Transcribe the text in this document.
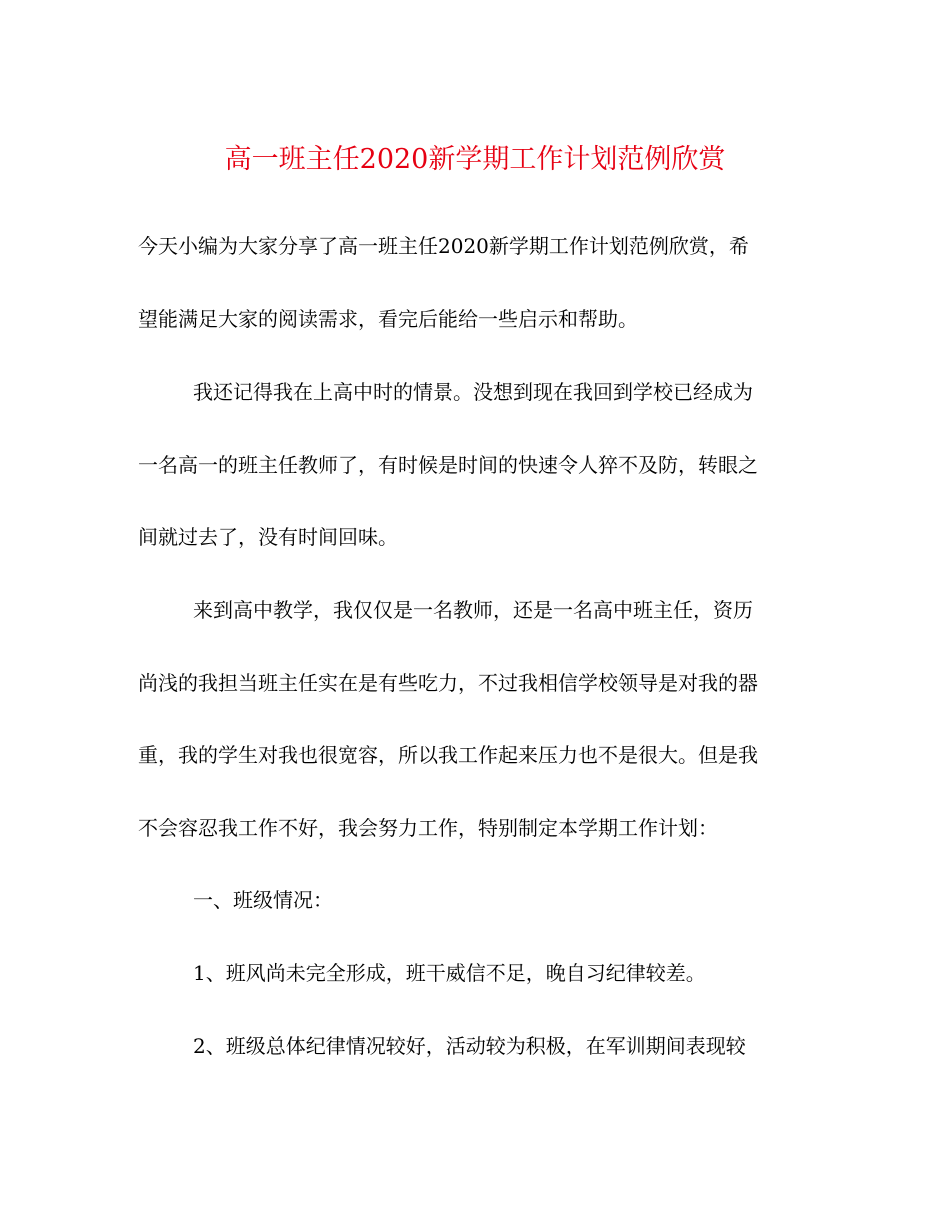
高一班主任2020新学期工作计划范例欣赏

今天小编为大家分享了高一班主任2020新学期工作计划范例欣赏，希

望能满足大家的阅读需求，看完后能给一些启示和帮助。

我还记得我在上高中时的情景。没想到现在我回到学校已经成为

一名高一的班主任教师了，有时候是时间的快速令人猝不及防，转眼之

间就过去了，没有时间回味。

来到高中教学，我仅仅是一名教师，还是一名高中班主任，资历

尚浅的我担当班主任实在是有些吃力，不过我相信学校领导是对我的器

重，我的学生对我也很宽容，所以我工作起来压力也不是很大。但是我

不会容忍我工作不好，我会努力工作，特别制定本学期工作计划：

一、班级情况：

1、班风尚未完全形成，班干威信不足，晚自习纪律较差。

2、班级总体纪律情况较好，活动较为积极，在军训期间表现较
